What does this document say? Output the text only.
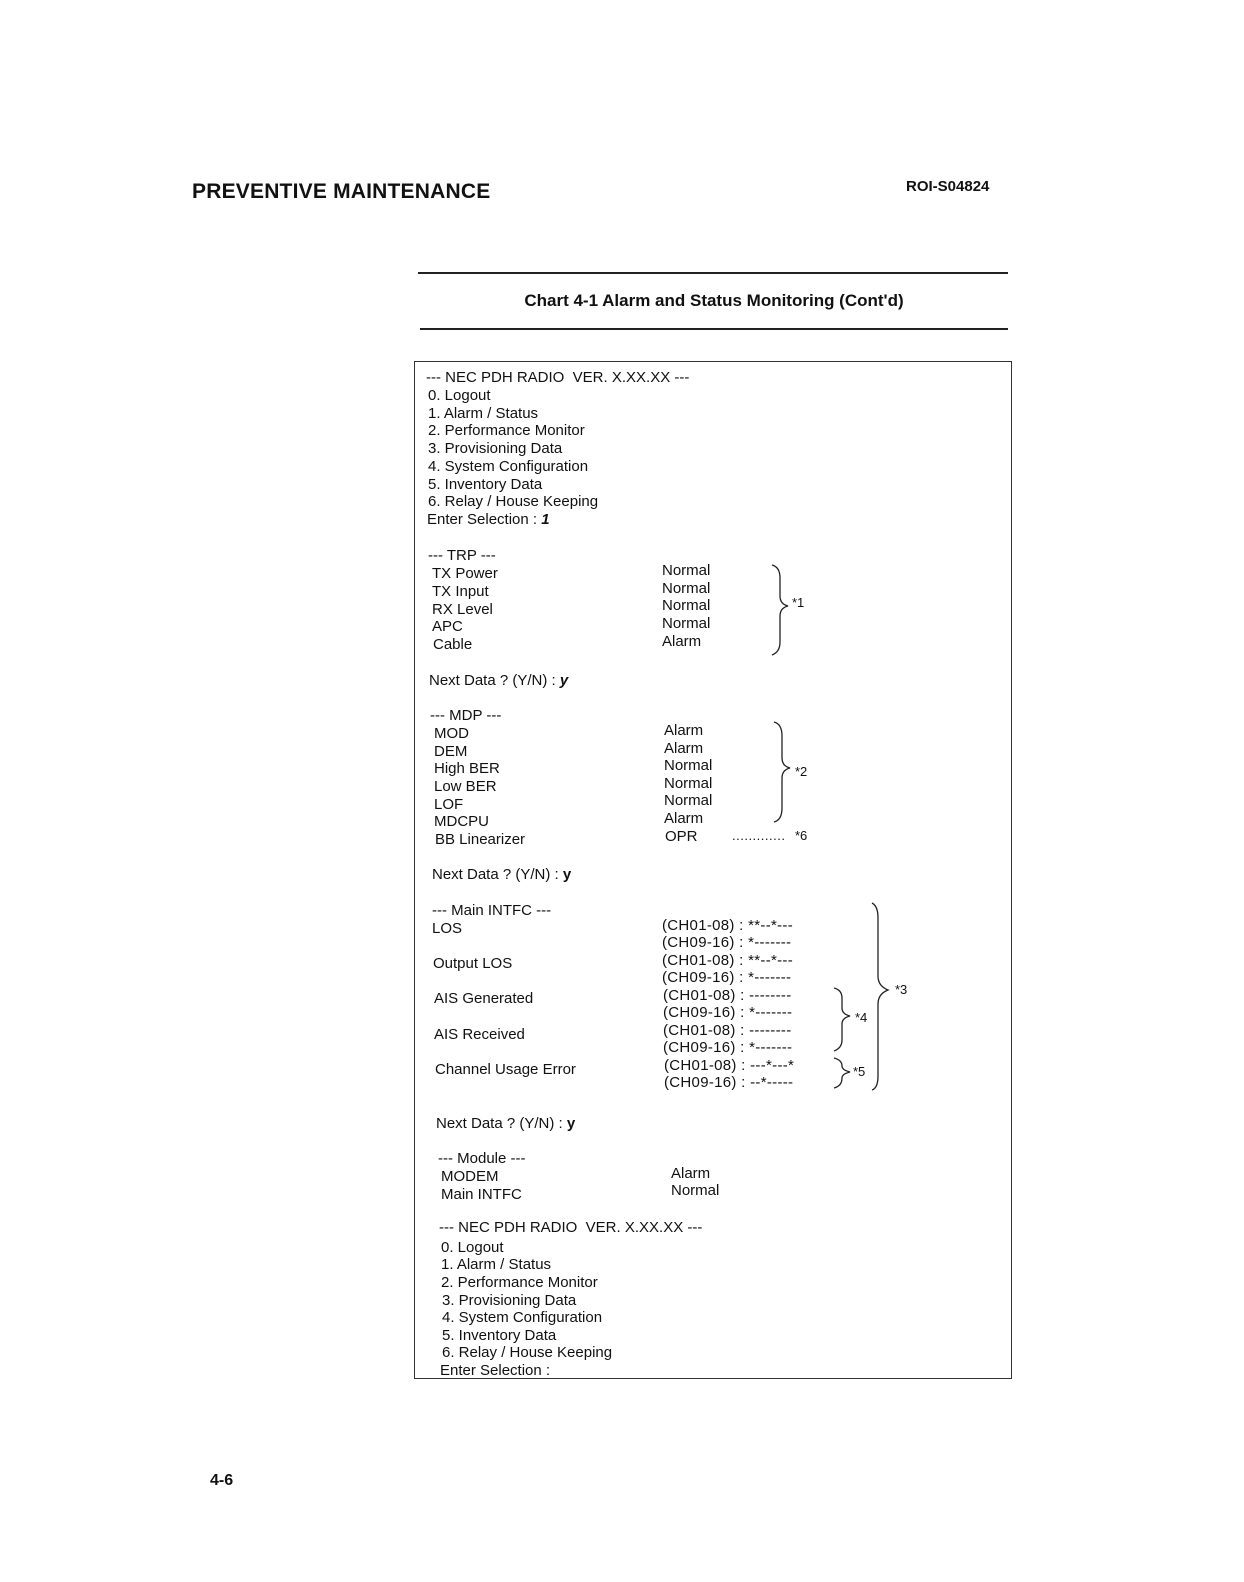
PREVENTIVE MAINTENANCE	ROI-S04824
Chart 4-1 Alarm and Status Monitoring (Cont'd)
--- NEC PDH RADIO  VER. X.XX.XX ---
0. Logout
1. Alarm / Status
2. Performance Monitor
3. Provisioning Data
4. System Configuration
5. Inventory Data
6. Relay / House Keeping
Enter Selection : 1
--- TRP ---
TX Power	Normal
TX Input	Normal
RX Level	Normal
APC	Normal
Cable	Alarm
*1
Next Data ? (Y/N) : y
--- MDP ---
MOD	Alarm
DEM	Alarm
High BER	Normal
Low BER	Normal
LOF	Normal
MDCPU	Alarm
BB Linearizer	OPR	............. *6
*2
Next Data ? (Y/N) : y
--- Main INTFC ---
LOS	(CH01-08) : **--*---
(CH09-16) : *-------
Output LOS	(CH01-08) : **--*---
(CH09-16) : *-------
AIS Generated	(CH01-08) : --------
(CH09-16) : *-------
AIS Received	(CH01-08) : --------
(CH09-16) : *-------
Channel Usage Error	(CH01-08) : ---*---*
(CH09-16) : --*-----
*3
*4
*5
Next Data ? (Y/N) : y
--- Module ---
MODEM	Alarm
Main INTFC	Normal
--- NEC PDH RADIO  VER. X.XX.XX ---
0. Logout
1. Alarm / Status
2. Performance Monitor
3. Provisioning Data
4. System Configuration
5. Inventory Data
6. Relay / House Keeping
Enter Selection :
4-6
